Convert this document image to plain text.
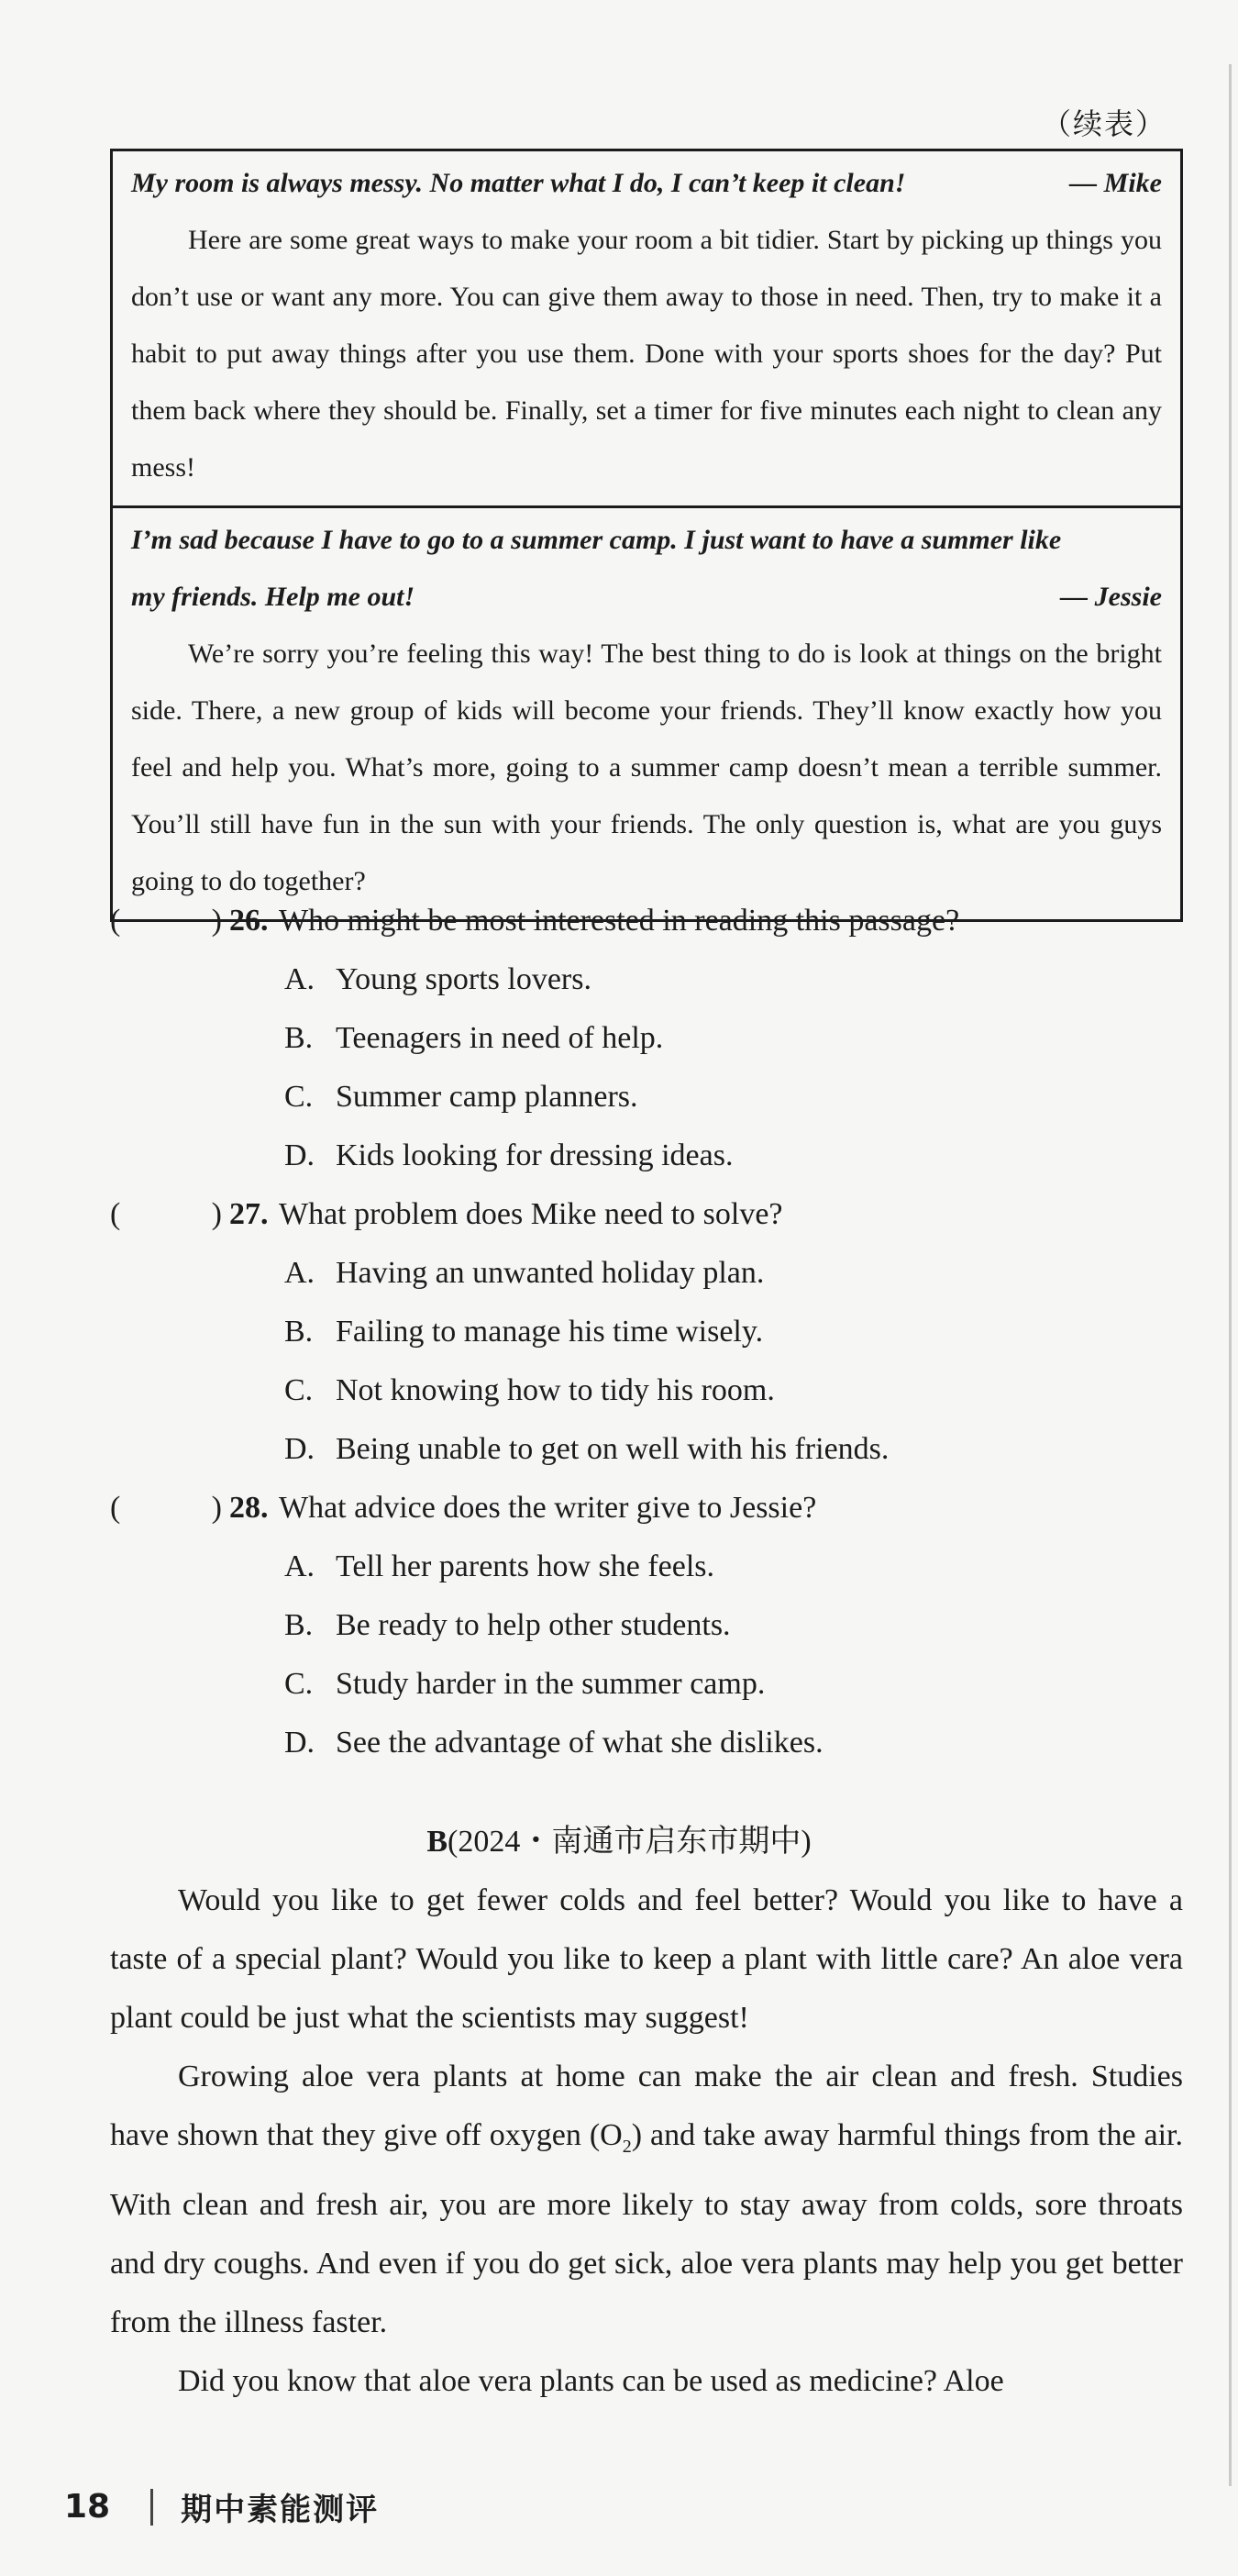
（续表）
My room is always messy. No matter what I do, I can’t keep it clean!	— Mike
Here are some great ways to make your room a bit tidier. Start by picking up things you don’t use or want any more. You can give them away to those in need. Then, try to make it a habit to put away things after you use them. Done with your sports shoes for the day? Put them back where they should be. Finally, set a timer for five minutes each night to clean any mess!
I’m sad because I have to go to a summer camp. I just want to have a summer like
my friends. Help me out!	— Jessie
We’re sorry you’re feeling this way! The best thing to do is look at things on the bright side. There, a new group of kids will become your friends. They’ll know exactly how you feel and help you. What’s more, going to a summer camp doesn’t mean a terrible summer. You’ll still have fun in the sun with your friends. The only question is, what are you guys going to do together?
(	) 26. Who might be most interested in reading this passage?
A. Young sports lovers.
B. Teenagers in need of help.
C. Summer camp planners.
D. Kids looking for dressing ideas.
(	) 27. What problem does Mike need to solve?
A. Having an unwanted holiday plan.
B. Failing to manage his time wisely.
C. Not knowing how to tidy his room.
D. Being unable to get on well with his friends.
(	) 28. What advice does the writer give to Jessie?
A. Tell her parents how she feels.
B. Be ready to help other students.
C. Study harder in the summer camp.
D. See the advantage of what she dislikes.
B(2024・南通市启东市期中)

Would you like to get fewer colds and feel better? Would you like to have a taste of a special plant? Would you like to keep a plant with little care? An aloe vera plant could be just what the scientists may suggest!

Growing aloe vera plants at home can make the air clean and fresh. Studies have shown that they give off oxygen $(O_2)$ and take away harmful things from the air. With clean and fresh air, you are more likely to stay away from colds, sore throats and dry coughs. And even if you do get sick, aloe vera plants may help you get better from the illness faster.

Did you know that aloe vera plants can be used as medicine? Aloe

18 期中素能测评
